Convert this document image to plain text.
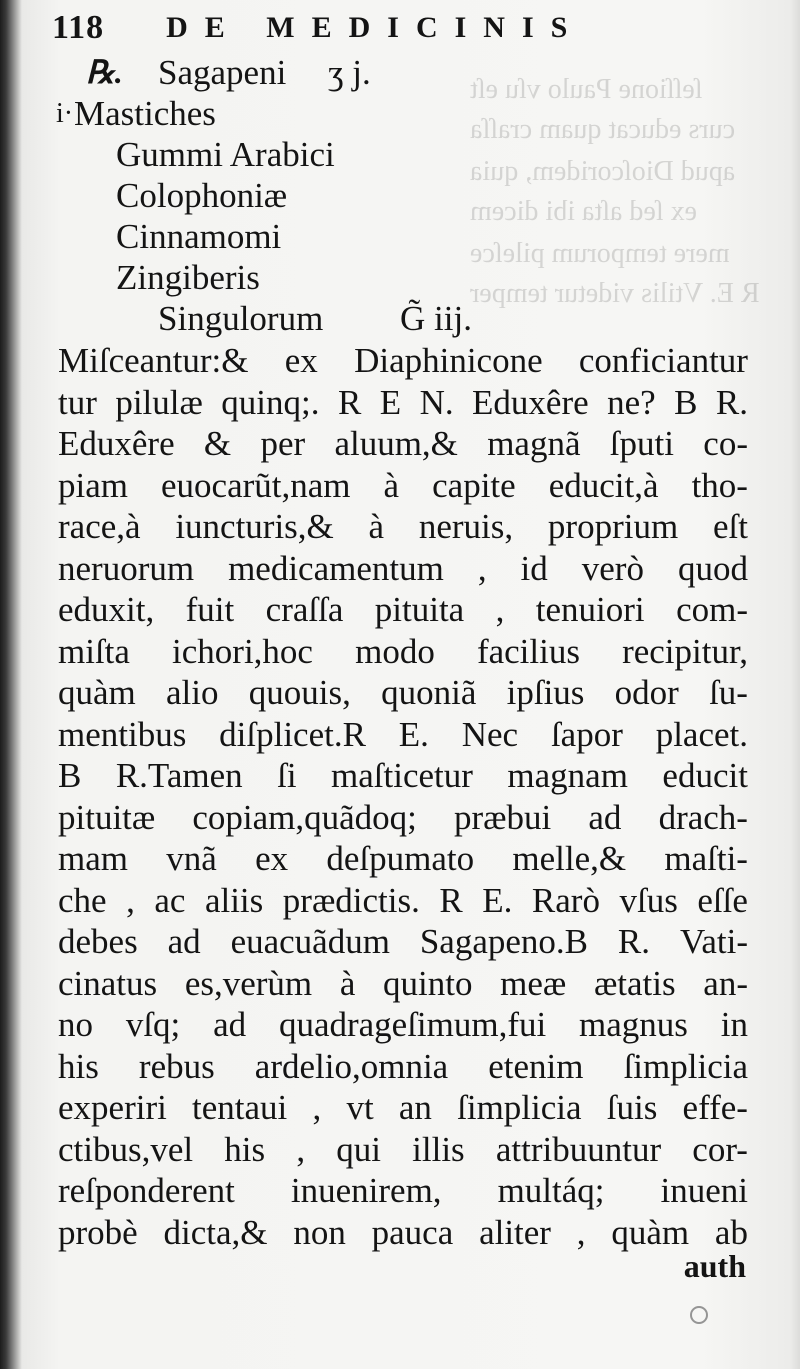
ſeſſione Paulo vſu eſt
curs educat quam craſſa
apud Dioſcoridem, quia
ex ſed aſta ibi dicem
mere temporum pileſce
R E. Vtilis videtur temper
118 DE MEDICINIS
℞. Sagapeni ʒ j.
i· Mastiches
Gummi Arabici
Colophoniæ
Cinnamomi
Zingiberis
Singulorum G̃ iij.
Miſceantur:& ex Diaphinicone conficiantur
tur pilulæ quinq;. R E N. Eduxêre ne? B R.
Eduxêre & per aluum,& magnã ſputi co-
piam euocarũt,nam à capite educit,à tho-
race,à iuncturis,& à neruis, proprium eſt
neruorum medicamentum , id verò quod
eduxit, fuit craſſa pituita , tenuiori com-
miſta ichori,hoc modo facilius recipitur,
quàm alio quouis, quoniã ipſius odor ſu-
mentibus diſplicet.R E. Nec ſapor placet.
B R.Tamen ſi maſticetur magnam educit
pituitæ copiam,quãdoq; præbui ad drach-
mam vnã ex deſpumato melle,& maſti-
che , ac aliis prædictis. R E. Rarò vſus eſſe
debes ad euacuãdum Sagapeno.B R. Vati-
cinatus es,verùm à quinto meæ ætatis an-
no vſq; ad quadrageſimum,fui magnus in
his rebus ardelio,omnia etenim ſimplicia
experiri tentaui , vt an ſimplicia ſuis effe-
ctibus,vel his , qui illis attribuuntur cor-
reſponderent inuenirem, multáq; inueni
probè dicta,& non pauca aliter , quàm ab
auth
